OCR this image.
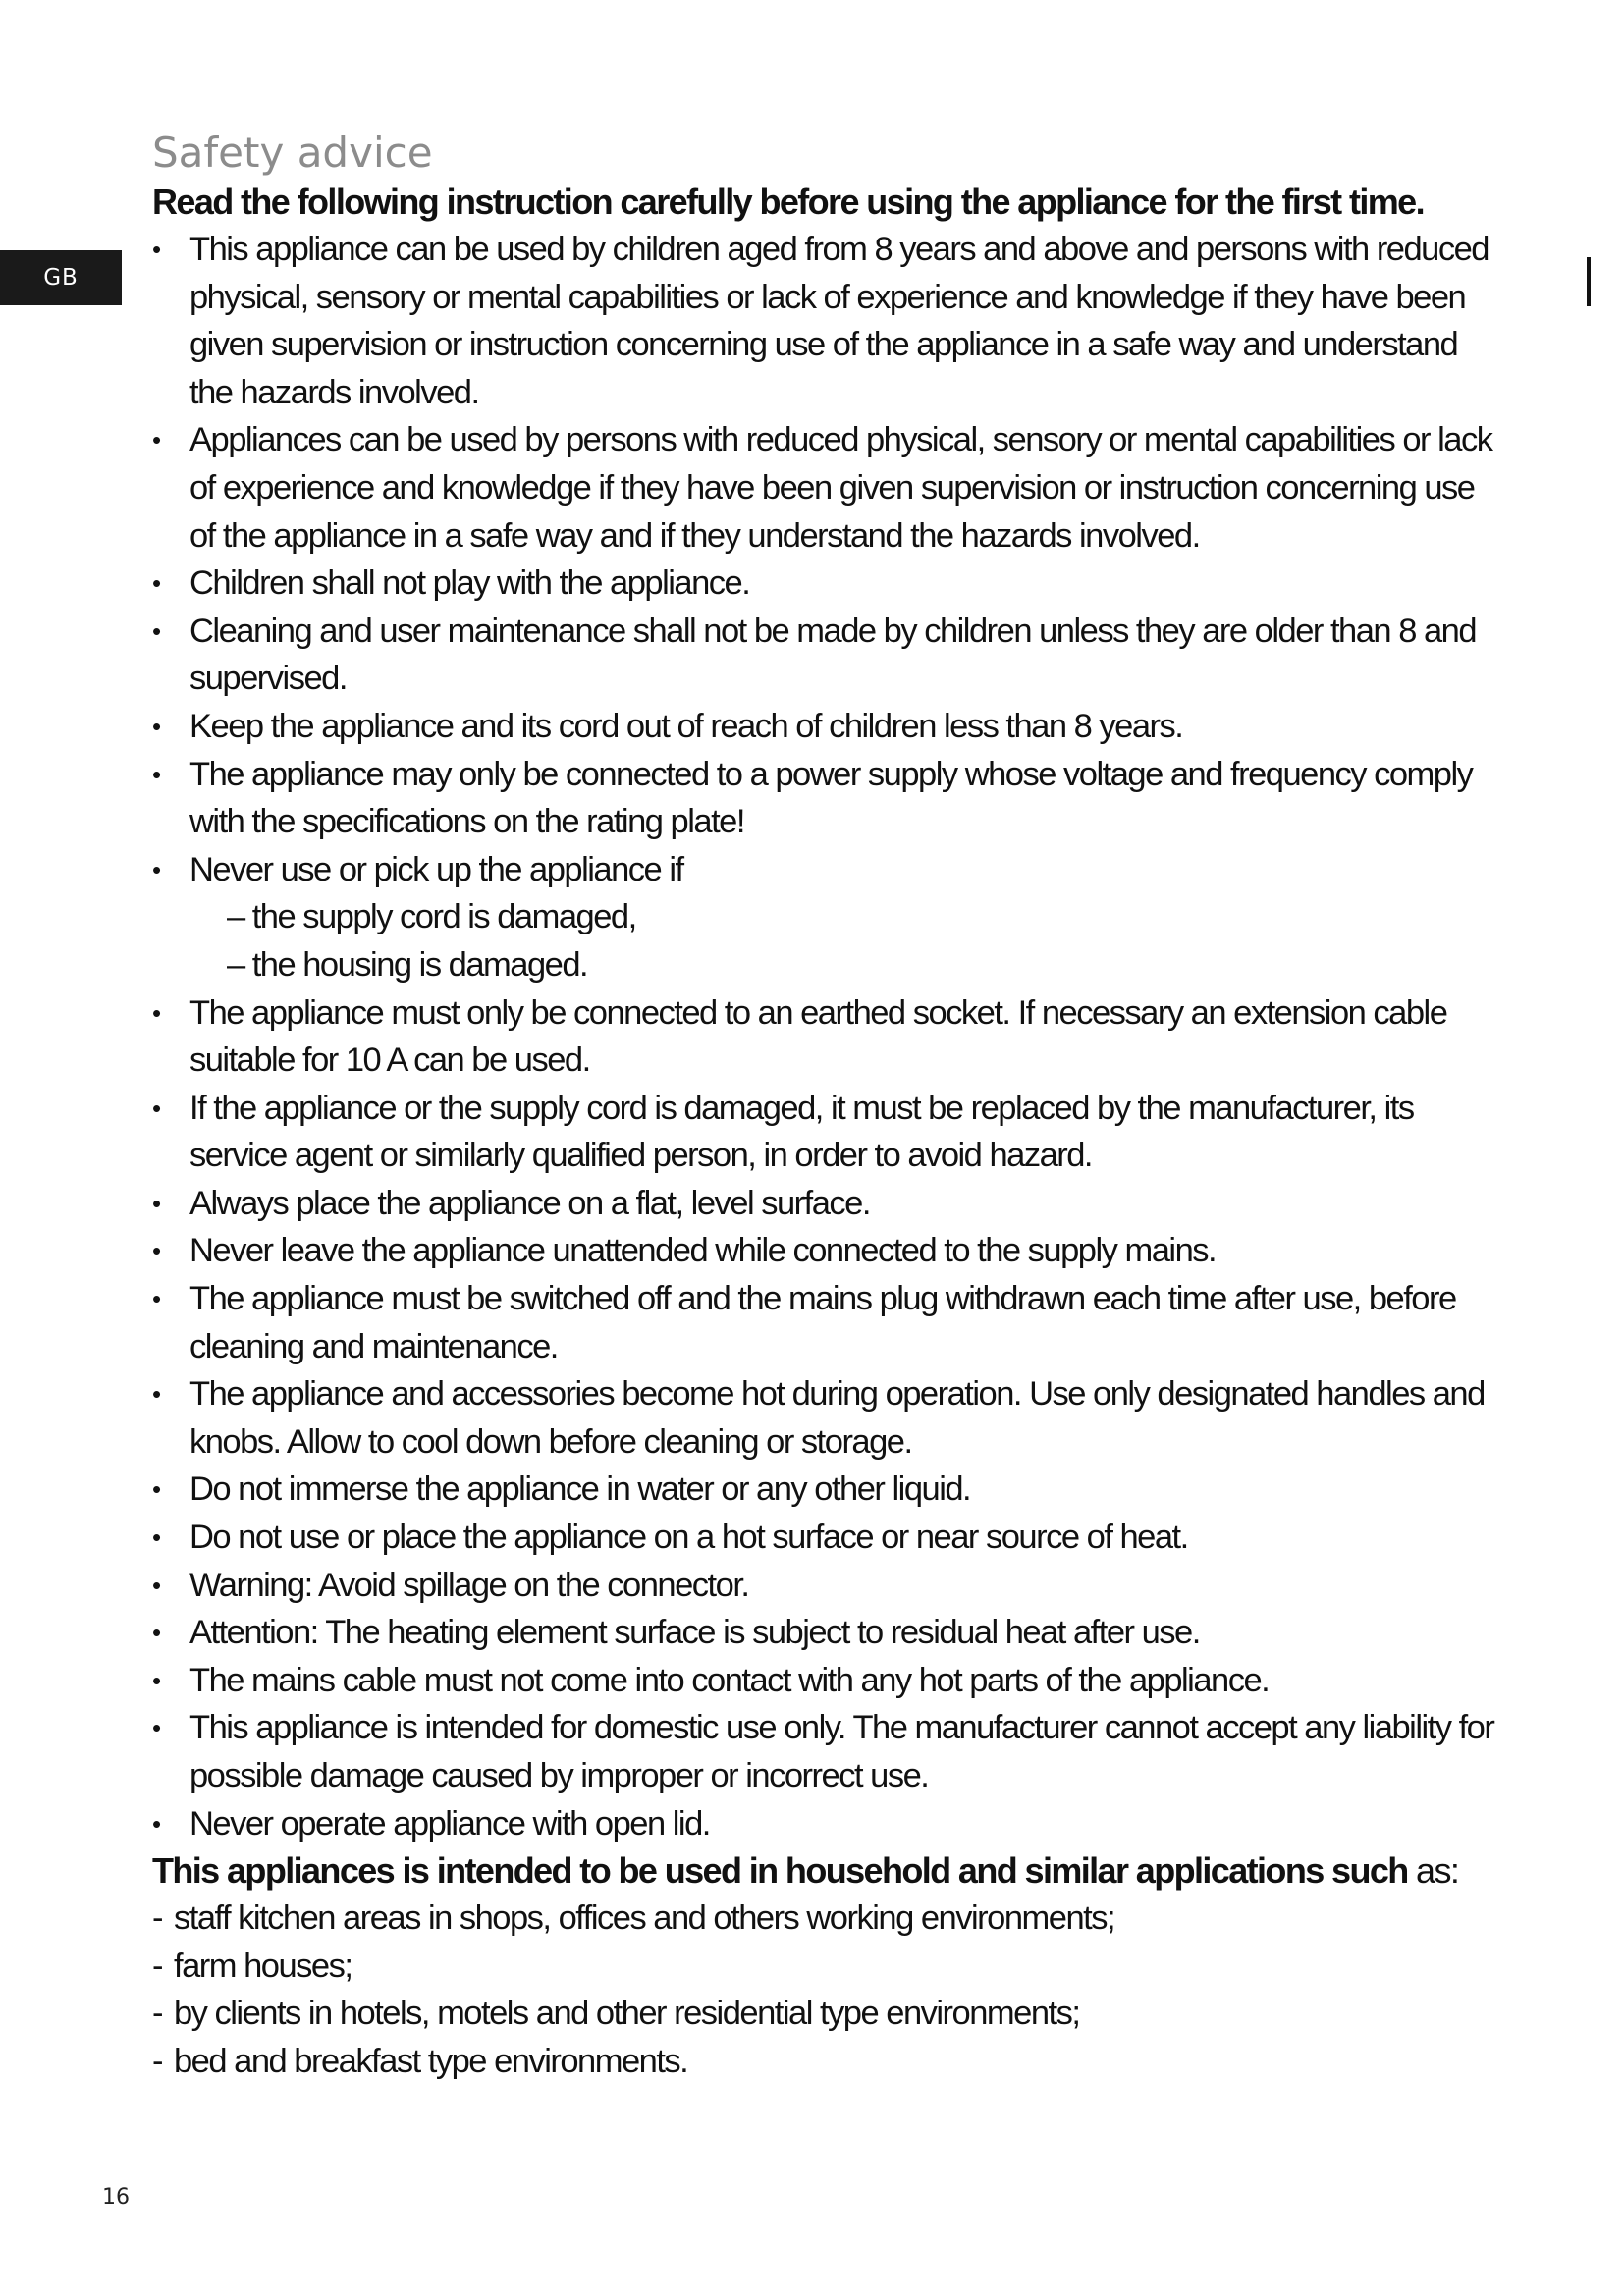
GB
Safety advice
Read the following instruction carefully before using the appliance for the first time.
• This appliance can be used by children aged from 8 years and above and persons with reduced physical, sensory or mental capabilities or lack of experience and knowledge if they have been given supervision or instruction concerning use of the appliance in a safe way and understand the hazards involved.
• Appliances can be used by persons with reduced physical, sensory or mental capabilities or lack of experience and knowledge if they have been given supervision or instruction concerning use of the appliance in a safe way and if they understand the hazards involved.
• Children shall not play with the appliance.
• Cleaning and user maintenance shall not be made by children unless they are older than 8 and supervised.
• Keep the appliance and its cord out of reach of children less than 8 years.
• The appliance may only be connected to a power supply whose voltage and frequency comply with the specifications on the rating plate!
• Never use or pick up the appliance if
– the supply cord is damaged,
– the housing is damaged.
• The appliance must only be connected to an earthed socket. If necessary an extension cable suitable for 10 A can be used.
• If the appliance or the supply cord is damaged, it must be replaced by the manufacturer, its service agent or similarly qualified person, in order to avoid hazard.
• Always place the appliance on a flat, level surface.
• Never leave the appliance unattended while connected to the supply mains.
• The appliance must be switched off and the mains plug withdrawn each time after use, before cleaning and maintenance.
• The appliance and accessories become hot during operation. Use only designated handles and knobs. Allow to cool down before cleaning or storage.
• Do not immerse the appliance in water or any other liquid.
• Do not use or place the appliance on a hot surface or near source of heat.
• Warning: Avoid spillage on the connector.
• Attention: The heating element surface is subject to residual heat after use.
• The mains cable must not come into contact with any hot parts of the appliance.
• This appliance is intended for domestic use only. The manufacturer cannot accept any liability for possible damage caused by improper or incorrect use.
• Never operate appliance with open lid.
This appliances is intended to be used in household and similar applications such as:
- staff kitchen areas in shops, offices and others working environments;
- farm houses;
- by clients in hotels, motels and other residential type environments;
- bed and breakfast type environments.
16
